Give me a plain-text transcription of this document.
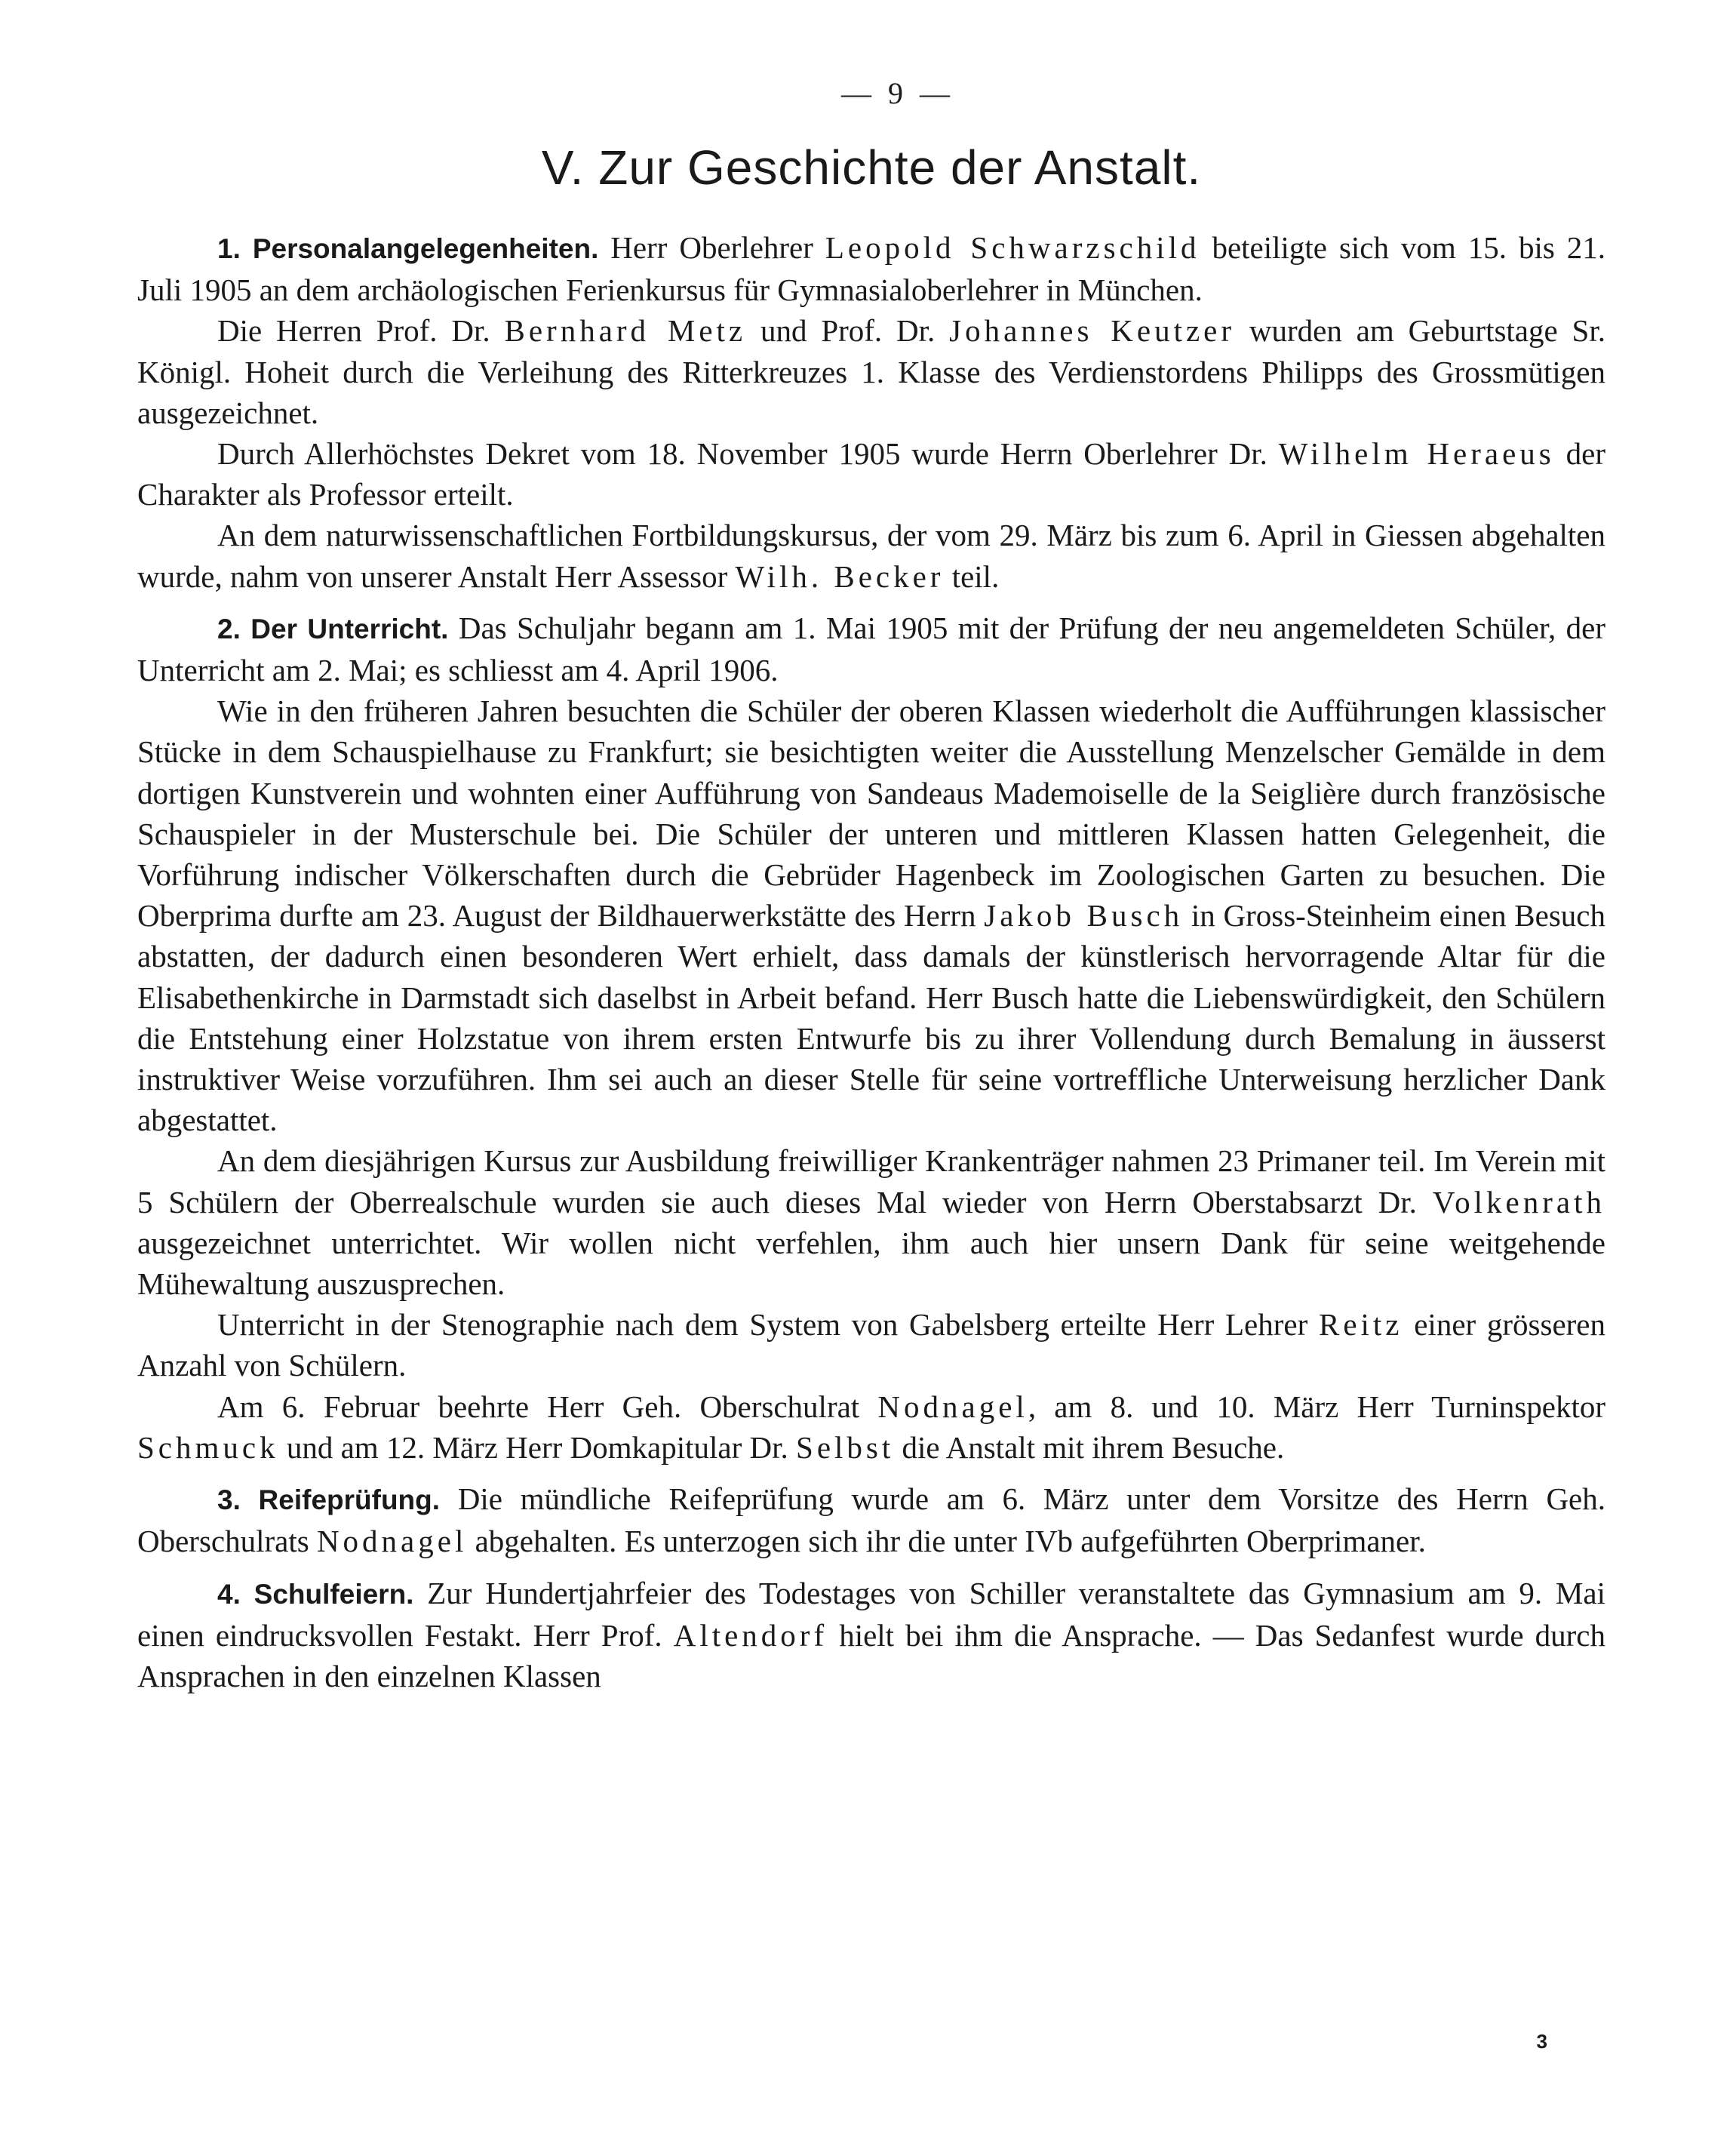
— 9 —
V. Zur Geschichte der Anstalt.

1. Personalangelegenheiten. Herr Oberlehrer Leopold Schwarzschild beteiligte sich vom 15. bis 21. Juli 1905 an dem archäologischen Ferienkursus für Gymnasialoberlehrer in München.

Die Herren Prof. Dr. Bernhard Metz und Prof. Dr. Johannes Keutzer wurden am Geburtstage Sr. Königl. Hoheit durch die Verleihung des Ritterkreuzes 1. Klasse des Verdienstordens Philipps des Grossmütigen ausgezeichnet.

Durch Allerhöchstes Dekret vom 18. November 1905 wurde Herrn Oberlehrer Dr. Wilhelm Heraeus der Charakter als Professor erteilt.

An dem naturwissenschaftlichen Fortbildungskursus, der vom 29. März bis zum 6. April in Giessen abgehalten wurde, nahm von unserer Anstalt Herr Assessor Wilh. Becker teil.

2. Der Unterricht. Das Schuljahr begann am 1. Mai 1905 mit der Prüfung der neu angemeldeten Schüler, der Unterricht am 2. Mai; es schliesst am 4. April 1906.

Wie in den früheren Jahren besuchten die Schüler der oberen Klassen wiederholt die Aufführungen klassischer Stücke in dem Schauspielhause zu Frankfurt; sie besichtigten weiter die Ausstellung Menzelscher Gemälde in dem dortigen Kunstverein und wohnten einer Aufführung von Sandeaus Mademoiselle de la Seiglière durch französische Schauspieler in der Musterschule bei. Die Schüler der unteren und mittleren Klassen hatten Gelegenheit, die Vorführung indischer Völkerschaften durch die Gebrüder Hagenbeck im Zoologischen Garten zu besuchen. Die Oberprima durfte am 23. August der Bildhauerwerkstätte des Herrn Jakob Busch in Gross-Steinheim einen Besuch abstatten, der dadurch einen besonderen Wert erhielt, dass damals der künstlerisch hervorragende Altar für die Elisabethenkirche in Darmstadt sich daselbst in Arbeit befand. Herr Busch hatte die Liebenswürdigkeit, den Schülern die Entstehung einer Holzstatue von ihrem ersten Entwurfe bis zu ihrer Vollendung durch Bemalung in äusserst instruktiver Weise vorzuführen. Ihm sei auch an dieser Stelle für seine vortreffliche Unterweisung herzlicher Dank abgestattet.

An dem diesjährigen Kursus zur Ausbildung freiwilliger Krankenträger nahmen 23 Primaner teil. Im Verein mit 5 Schülern der Oberrealschule wurden sie auch dieses Mal wieder von Herrn Oberstabsarzt Dr. Volkenrath ausgezeichnet unterrichtet. Wir wollen nicht verfehlen, ihm auch hier unsern Dank für seine weitgehende Mühewaltung auszusprechen.

Unterricht in der Stenographie nach dem System von Gabelsberg erteilte Herr Lehrer Reitz einer grösseren Anzahl von Schülern.

Am 6. Februar beehrte Herr Geh. Oberschulrat Nodnagel, am 8. und 10. März Herr Turninspektor Schmuck und am 12. März Herr Domkapitular Dr. Selbst die Anstalt mit ihrem Besuche.

3. Reifeprüfung. Die mündliche Reifeprüfung wurde am 6. März unter dem Vorsitze des Herrn Geh. Oberschulrats Nodnagel abgehalten. Es unterzogen sich ihr die unter IVb aufgeführten Oberprimaner.

4. Schulfeiern. Zur Hundertjahrfeier des Todestages von Schiller veranstaltete das Gymnasium am 9. Mai einen eindrucksvollen Festakt. Herr Prof. Altendorf hielt bei ihm die Ansprache. — Das Sedanfest wurde durch Ansprachen in den einzelnen Klassen

3
